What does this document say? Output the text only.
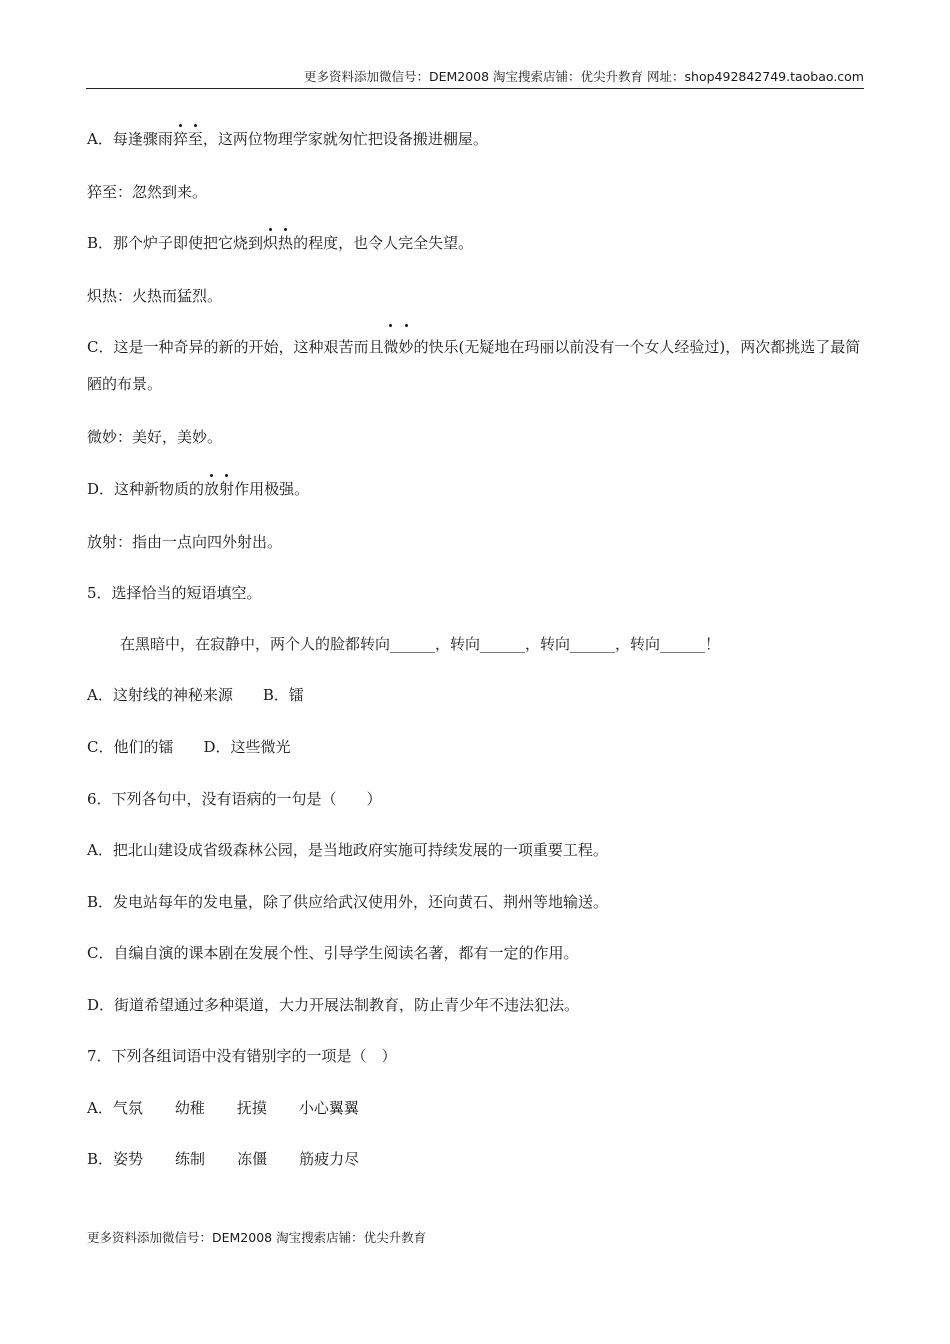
更多资料添加微信号：DEM2008 淘宝搜索店铺：优尖升教育 网址：shop492842749.taobao.com
A．每逢骤雨猝至，这两位物理学家就匆忙把设备搬进棚屋。
猝至：忽然到来。
B．那个炉子即使把它烧到炽热的程度，也令人完全失望。
炽热：火热而猛烈。
C．这是一种奇异的新的开始，这种艰苦而且微妙的快乐(无疑地在玛丽以前没有一个女人经验过)，两次都挑选了最简陋的布景。
微妙：美好，美妙。
D．这种新物质的放射作用极强。
放射：指由一点向四外射出。
5．选择恰当的短语填空。
在黑暗中，在寂静中，两个人的脸都转向______，转向______，转向______，转向______！
A．这射线的神秘来源 B．镭
C．他们的镭 D．这些微光
6．下列各句中，没有语病的一句是（　　）
A．把北山建设成省级森林公园，是当地政府实施可持续发展的一项重要工程。
B．发电站每年的发电量，除了供应给武汉使用外，还向黄石、荆州等地输送。
C．自编自演的课本剧在发展个性、引导学生阅读名著，都有一定的作用。
D．街道希望通过多种渠道，大力开展法制教育，防止青少年不违法犯法。
7．下列各组词语中没有错别字的一项是（　）
A．气氛 幼稚 抚摸 小心翼翼
B．姿势 练制 冻僵 筋疲力尽
更多资料添加微信号：DEM2008 淘宝搜索店铺：优尖升教育
